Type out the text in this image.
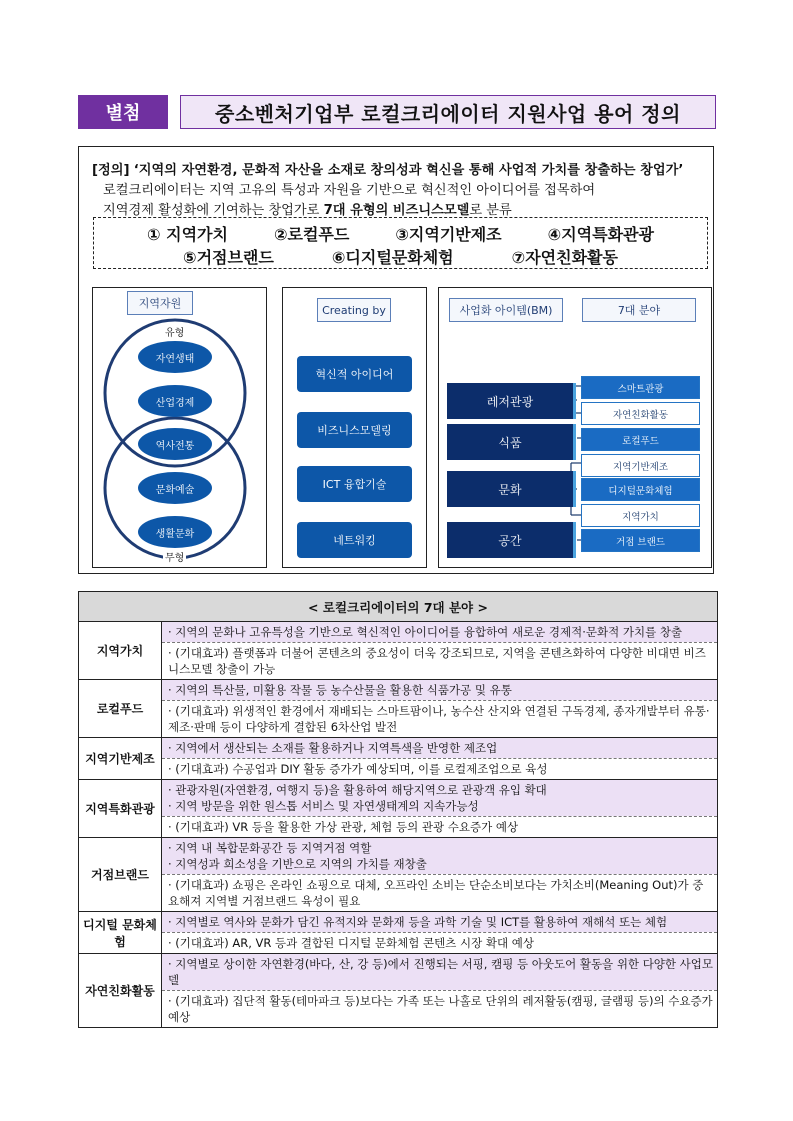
별첨	중소벤처기업부 로컬크리에이터 지원사업 용어 정의
[정의] ‘지역의 자연환경, 문화적 자산을 소재로 창의성과 혁신을 통해 사업적 가치를 창출하는 창업가’
로컬크리에이터는 지역 고유의 특성과 자원을 기반으로 혁신적인 아이디어를 접목하여
지역경제 활성화에 기여하는 창업가로 7대 유형의 비즈니스모델로 분류
① 지역가치	②로컬푸드	③지역기반제조	④지역특화관광
⑤거점브랜드	⑥디지털문화체험	⑦자연친화활동
지역자원
유형
무형
자연생태
산업경제
역사전통
문화예술
생활문화
Creating by
혁신적 아이디어
비즈니스모델링
ICT 융합기술
네트워킹
사업화 아이템(BM)	7대 분야
레저관광
식품
문화
공간
스마트관광
자연친화활동
로컬푸드
지역기반제조
디지털문화체험
지역가치
거점 브랜드
< 로컬크리에이터의 7대 분야 >	
지역가치	· 지역의 문화나 고유특성을 기반으로 혁신적인 아이디어를 융합하여 새로운 경제적·문화적 가치를 창출
· (기대효과) 플랫폼과 더불어 콘텐츠의 중요성이 더욱 강조되므로, 지역을 콘텐츠화하여 다양한 비대면 비즈니스모델 창출이 가능

로컬푸드	· 지역의 특산물, 미활용 작물 등 농수산물을 활용한 식품가공 및 유통
· (기대효과) 위생적인 환경에서 재배되는 스마트팜이나, 농수산 산지와 연결된 구독경제, 종자개발부터 유통·제조·판매 등이 다양하게 결합된 6차산업 발전

지역기반제조	· 지역에서 생산되는 소재를 활용하거나 지역특색을 반영한 제조업
· (기대효과) 수공업과 DIY 활동 증가가 예상되며, 이를 로컬제조업으로 육성

지역특화관광	· 관광자원(자연환경, 여행지 등)을 활용하여 해당지역으로 관광객 유입 확대
· 지역 방문을 위한 원스톱 서비스 및 자연생태계의 지속가능성
· (기대효과) VR 등을 활용한 가상 관광, 체험 등의 관광 수요증가 예상

거점브랜드	· 지역 내 복합문화공간 등 지역거점 역할
· 지역성과 희소성을 기반으로 지역의 가치를 재창출
· (기대효과) 쇼핑은 온라인 쇼핑으로 대체, 오프라인 소비는 단순소비보다는 가치소비(Meaning Out)가 중요해져 지역별 거점브랜드 육성이 필요

디지털 문화체험	· 지역별로 역사와 문화가 담긴 유적지와 문화재 등을 과학 기술 및 ICT를 활용하여 재해석 또는 체험
· (기대효과) AR, VR 등과 결합된 디지털 문화체험 콘텐츠 시장 확대 예상

자연친화활동	· 지역별로 상이한 자연환경(바다, 산, 강 등)에서 진행되는 서핑, 캠핑 등 아웃도어 활동을 위한 다양한 사업모델
· (기대효과) 집단적 활동(테마파크 등)보다는 가족 또는 나홀로 단위의 레저활동(캠핑, 글램핑 등)의 수요증가 예상
